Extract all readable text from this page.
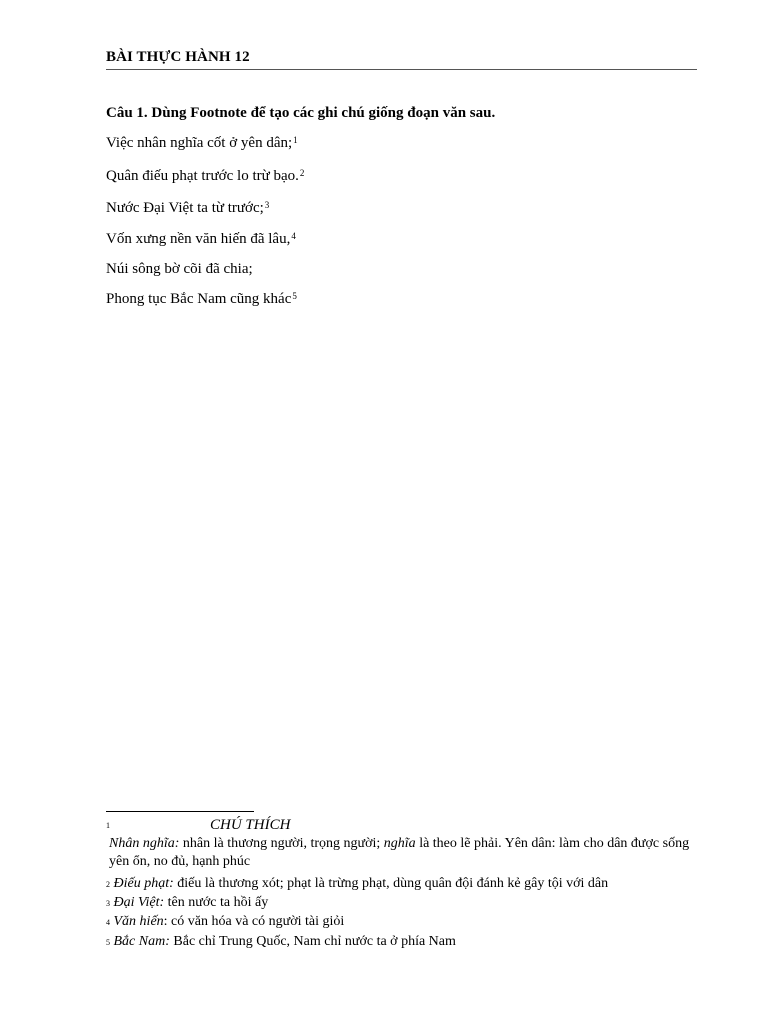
BÀI THỰC HÀNH 12
Câu 1. Dùng Footnote để tạo các ghi chú giống đoạn văn sau.
Việc nhân nghĩa cốt ở yên dân;$^1$
Quân điếu phạt trước lo trừ bạo.$^2$
Nước Đại Việt ta từ trước;$^3$
Vốn xưng nền văn hiến đã lâu,$^4$
Núi sông bờ cõi đã chia;
Phong tục Bắc Nam cũng khác$^5$
1	CHÚ THÍCH
Nhân nghĩa: nhân là thương người, trọng người; nghĩa là theo lẽ phải. Yên dân: làm cho dân được sống yên ổn, no đủ, hạnh phúc
2 Điếu phạt: điếu là thương xót; phạt là trừng phạt, dùng quân đội đánh kẻ gây tội với dân
3 Đại Việt: tên nước ta hồi ấy
4 Văn hiến: có văn hóa và có người tài giỏi
5 Bắc Nam: Bắc chỉ Trung Quốc, Nam chỉ nước ta ở phía Nam
